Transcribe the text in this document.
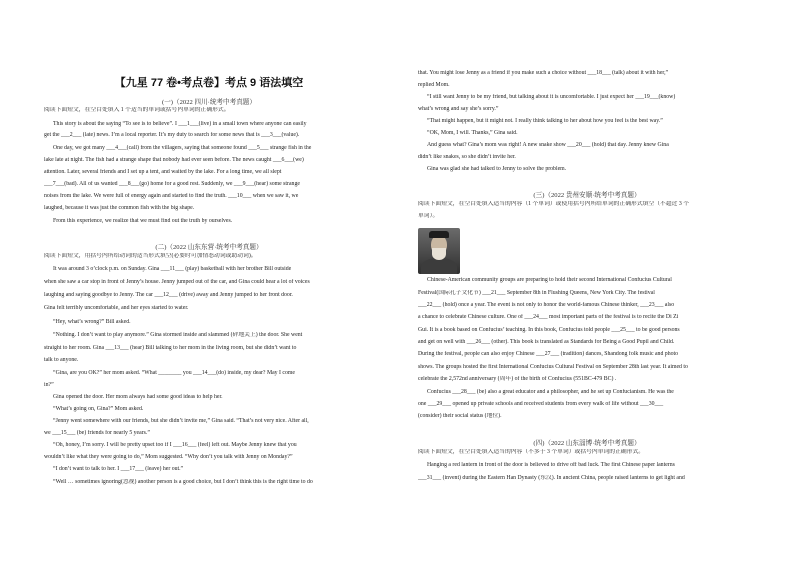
【九星 77 卷•考点卷】考点 9 语法填空
(一)（2022 四川·统考中考真题）
阅读下面短文，在空白处填入 1 个适当的单词或括号内单词的正确形式。
This story is about the saying “To see is to believe”. I ___1___(live) in a small town where anyone can easily
get the ___2___ (late) news. I’m a local reporter. It’s my duty to search for some news that is ___3___(value).
One day, we got many ___4___(call) from the villagers, saying that someone found ___5___ strange fish in the
lake late at night. The fish had a strange shape that nobody had ever seen before. The news caught ___6___(we)
attention. Later, several friends and I set up a tent, and waited by the lake. For a long time, we all slept
___7___(bad). All of us wanted ___8___(go) home for a good rest. Suddenly, we ___9___(hear) some strange
noises from the lake. We were full of energy again and started to find the truth. ___10___ when we saw it, we
laughed, because it was just the common fish with the big shape.
From this experience, we realize that we must find out the truth by ourselves.
(二)（2022 山东东营·统考中考真题）
阅读下面短文，用括号内所给动词的适当形式填空(必要时可加情态动词或助动词)。
It was around 3 o’clock p.m. on Sunday. Gina ___11___ (play) basketball with her brother Bill outside
when she saw a car stop in front of Jenny’s house. Jenny jumped out of the car, and Gina could hear a lot of voices
laughing and saying goodbye to Jenny. The car ___12___ (drive) away and Jenny jumped to her front door.
Gina felt terribly uncomfortable, and her eyes started to water.
“Hey, what’s wrong?” Bill asked.
“Nothing. I don’t want to play anymore.” Gina stormed inside and slammed (砰地关上) the door. She went
straight to her room. Gina ___13___ (hear) Bill talking to her mom in the living room, but she didn’t want to
talk to anyone.
“Gina, are you OK?” her mom asked. “What ________ you ___14___(do) inside, my dear? May I come
in?”
Gina opened the door. Her mom always had some good ideas to help her.
“What’s going on, Gina?” Mom asked.
“Jenny went somewhere with our friends, but she didn’t invite me,” Gina said. “That’s not very nice. After all,
we ___15___ (be) friends for nearly 5 years.”
“Oh, honey, I’m sorry. I will be pretty upset too if I ___16___ (feel) left out. Maybe Jenny knew that you
wouldn’t like what they were going to do,” Mom suggested. “Why don’t you talk with Jenny on Monday?”
“I don’t want to talk to her. I ___17___ (leave) her out.”
“Well … sometimes ignoring(忽视) another person is a good choice, but I don’t think this is the right time to do
that. You might lose Jenny as a friend if you make such a choice without ___18___ (talk) about it with her,”
replied Mom.
“I still want Jenny to be my friend, but talking about it is uncomfortable. I just expect her ___19___(know)
what’s wrong and say she’s sorry.”
“That might happen, but it might not. I really think talking to her about how you feel is the best way.”
“OK, Mom, I will. Thanks,” Gina said.
And guess what? Gina’s mom was right! A new snake show ___20___ (hold) that day. Jenny knew Gina
didn’t like snakes, so she didn’t invite her.
Gina was glad she had talked to Jenny to solve the problem.
(三)（2022 贵州安顺·统考中考真题）
阅读下面短文，在空白处填入适当的内容（1 个单词）或使用括号内所给单词的正确形式填空（不超过 3 个
单词）。
Chinese-American community groups are preparing to hold their second International Confucius Cultural
Festival(国际孔子文化节) ___21___ September 8th in Flushing Queens, New York City. The festival
___22___ (hold) once a year. The event is not only to honor the world-famous Chinese thinker, ___23___ also
a chance to celebrate Chinese culture. One of ___24___ most important parts of the festival is to recite the Di Zi
Gui. It is a book based on Confucius’ teaching. In this book, Confucius told people ___25___ to be good persons
and get on well with ___26___ (other). This book is translated as Standards for Being a Good Pupil and Child.
During the festival, people can also enjoy Chinese ___27___ (tradition) dances, Shandong folk music and photo
shows. The groups hosted the first International Confucius Cultural Festival on September 28th last year. It aimed to
celebrate the 2,572nd anniversary (周年) of the birth of Confucius (551BC-479 BC) .
Confucius ___28___ (be) also a great educator and a philosopher, and he set up Confucianism. He was the
one ___29___ opened up private schools and received students from every walk of life without ___30___
(consider) their social status (地位).
(四)（2022 山东淄博·统考中考真题）
阅读下面短文，在空白处填入适当的内容（不多于 3 个单词）或括号内单词的正确形式。
Hanging a red lantern in front of the door is believed to drive off bad luck. The first Chinese paper lanterns
___31___ (invent) during the Eastern Han Dynasty (东汉). In ancient China, people raised lanterns to get light and
